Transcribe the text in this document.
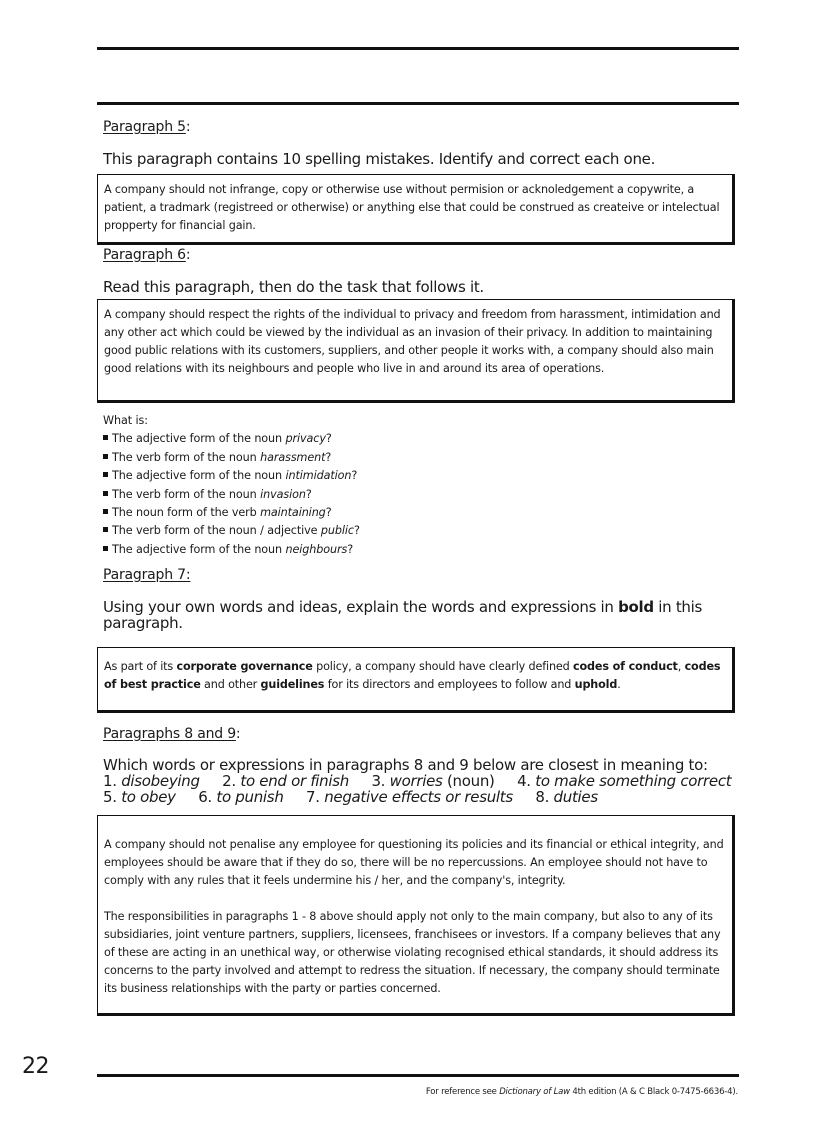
Paragraph 5:
This paragraph contains 10 spelling mistakes. Identify and correct each one.

A company should not infrange, copy or otherwise use without permision or acknoledgement a copywrite, a patient, a tradmark (registreed or otherwise) or anything else that could be construed as createive or intelectual propperty for financial gain.

Paragraph 6:
Read this paragraph, then do the task that follows it.

A company should respect the rights of the individual to privacy and freedom from harassment, intimidation and any other act which could be viewed by the individual as an invasion of their privacy. In addition to maintaining good public relations with its customers, suppliers, and other people it works with, a company should also main good relations with its neighbours and people who live in and around its area of operations.

What is:
The adjective form of the noun privacy?
The verb form of the noun harassment?
The adjective form of the noun intimidation?
The verb form of the noun invasion?
The noun form of the verb maintaining?
The verb form of the noun / adjective public?
The adjective form of the noun neighbours?
Paragraph 7:
Using your own words and ideas, explain the words and expressions in bold in this paragraph.

As part of its corporate governance policy, a company should have clearly defined codes of conduct, codes of best practice and other guidelines for its directors and employees to follow and uphold.

Paragraphs 8 and 9:
Which words or expressions in paragraphs 8 and 9 below are closest in meaning to:
1. disobeying 2. to end or finish 3. worries (noun) 4. to make something correct
5. to obey 6. to punish 7. negative effects or results 8. duties

A company should not penalise any employee for questioning its policies and its financial or ethical integrity, and employees should be aware that if they do so, there will be no repercussions. An employee should not have to comply with any rules that it feels undermine his / her, and the company's, integrity.

The responsibilities in paragraphs 1 - 8 above should apply not only to the main company, but also to any of its subsidiaries, joint venture partners, suppliers, licensees, franchisees or investors. If a company believes that any of these are acting in an unethical way, or otherwise violating recognised ethical standards, it should address its concerns to the party involved and attempt to redress the situation. If necessary, the company should terminate its business relationships with the party or parties concerned.

22
For reference see Dictionary of Law 4th edition (A & C Black 0-7475-6636-4).
